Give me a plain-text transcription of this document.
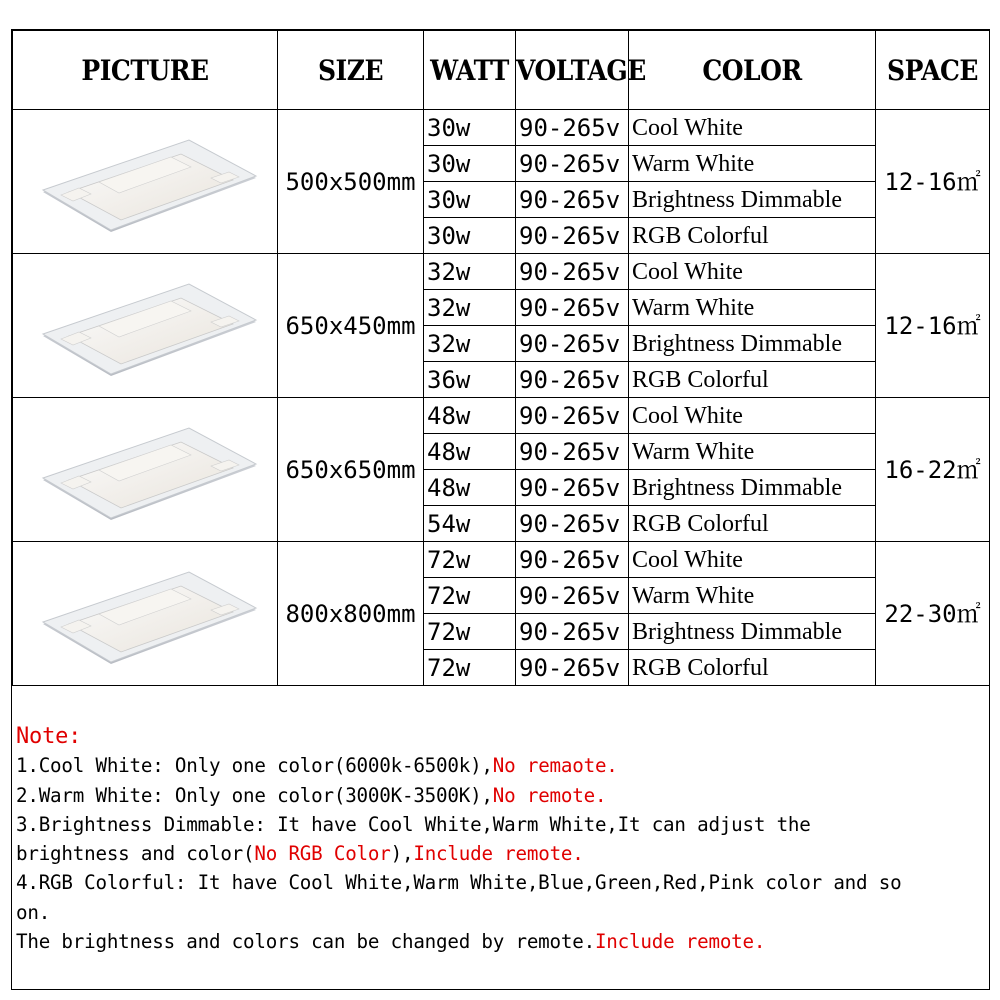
PICTURE	SIZE	WATT	VOLTAGE	COLOR	SPACE

	500x500mm	30w	90-265v	Cool White	12-16㎡
		30w	90-265v	Warm White	
		30w	90-265v	Brightness Dimmable	
		30w	90-265v	RGB Colorful	

	650x450mm	32w	90-265v	Cool White	12-16㎡
		32w	90-265v	Warm White	
		32w	90-265v	Brightness Dimmable	
		36w	90-265v	RGB Colorful	

	650x650mm	48w	90-265v	Cool White	16-22㎡
		48w	90-265v	Warm White	
		48w	90-265v	Brightness Dimmable	
		54w	90-265v	RGB Colorful	

	800x800mm	72w	90-265v	Cool White	22-30㎡
		72w	90-265v	Warm White	
		72w	90-265v	Brightness Dimmable	
		72w	90-265v	RGB Colorful	
Note:
1.Cool White: Only one color(6000k-6500k),No remaote.
2.Warm White: Only one color(3000K-3500K),No remote.
3.Brightness Dimmable: It have Cool White,Warm White,It can adjust the
brightness and color(No RGB Color),Include remote.
4.RGB Colorful: It have Cool White,Warm White,Blue,Green,Red,Pink color and so
on.
The brightness and colors can be changed by remote.Include remote.
